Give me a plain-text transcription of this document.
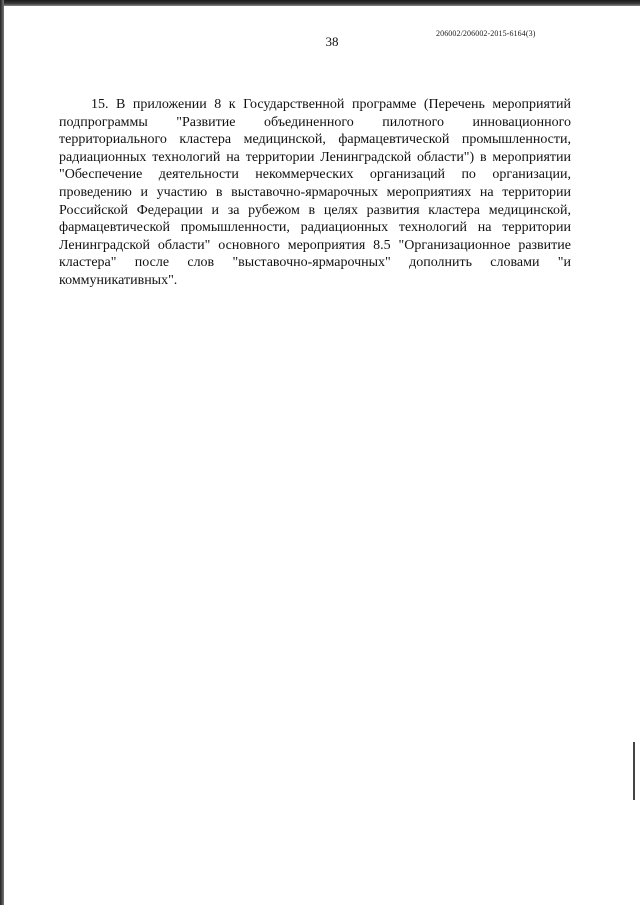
206002/206002-2015-6164(3)
38

15. В приложении 8 к Государственной программе (Перечень мероприятий подпрограммы "Развитие объединенного пилотного инновационного территориального кластера медицинской, фармацевтической промышленности, радиационных технологий на территории Ленинградской области") в мероприятии "Обеспечение деятельности некоммерческих организаций по организации, проведению и участию в выставочно-ярмарочных мероприятиях на территории Российской Федерации и за рубежом в целях развития кластера медицинской, фармацевтической промышленности, радиационных технологий на территории Ленинградской области" основного мероприятия 8.5 "Организационное развитие кластера" после слов "выставочно-ярмарочных" дополнить словами "и коммуникативных".
